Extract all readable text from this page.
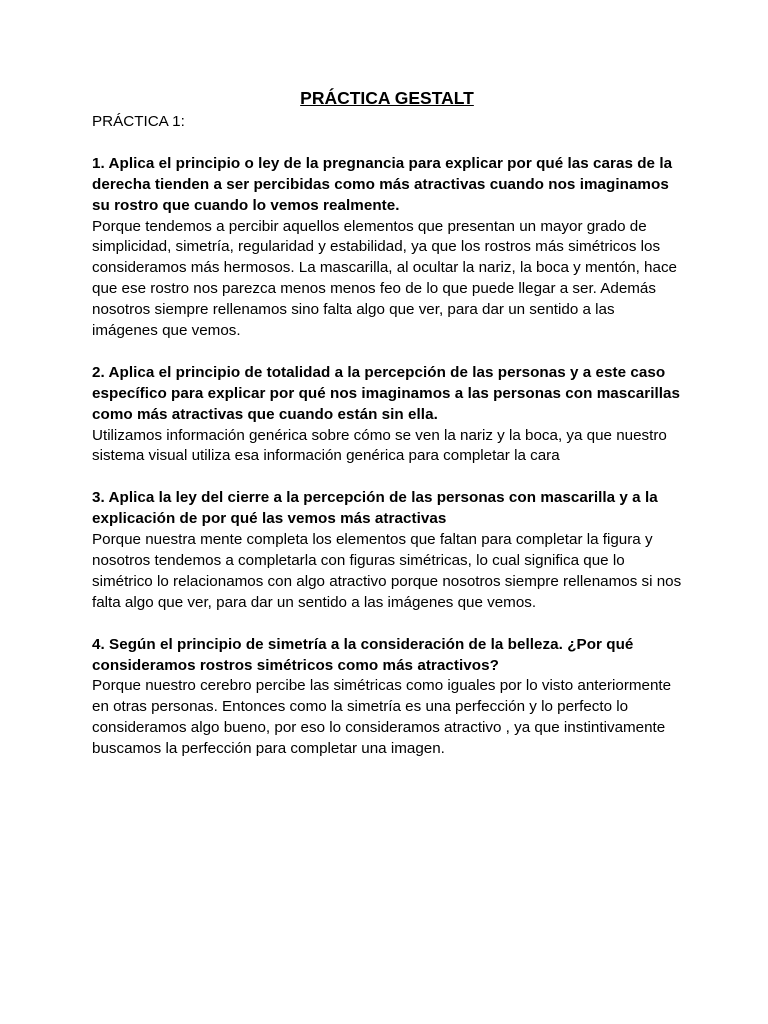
PRÁCTICA GESTALT
PRÁCTICA 1:
1. Aplica el principio o ley de la pregnancia para explicar por qué las caras de la derecha tienden a ser percibidas como más atractivas cuando nos imaginamos su rostro que cuando lo vemos realmente.
Porque tendemos a percibir aquellos elementos que presentan un mayor grado de simplicidad, simetría, regularidad y estabilidad, ya que los rostros más simétricos los consideramos más hermosos. La mascarilla, al ocultar la nariz, la boca y mentón, hace que ese rostro nos parezca menos menos feo de lo que puede llegar a ser. Además nosotros siempre rellenamos sino falta algo que ver, para dar un sentido a las imágenes que vemos.
2. Aplica el principio de totalidad a la percepción de las personas y a este caso específico para explicar por qué nos imaginamos a las personas con mascarillas como más atractivas que cuando están sin ella.
Utilizamos información genérica sobre cómo se ven la nariz y la boca, ya que nuestro sistema visual utiliza esa información genérica para completar la cara
3. Aplica la ley del cierre a la percepción de las personas con mascarilla y a la explicación de por qué las vemos más atractivas
Porque nuestra mente completa los elementos que faltan para completar la figura y nosotros tendemos a completarla con figuras simétricas, lo cual significa que lo simétrico lo relacionamos con algo atractivo porque nosotros siempre rellenamos si nos falta algo que ver, para dar un sentido a las imágenes que vemos.
4. Según el principio de simetría a la consideración de la belleza. ¿Por qué consideramos rostros simétricos como más atractivos?
Porque nuestro cerebro percibe las simétricas como iguales por lo visto anteriormente en otras personas. Entonces como la simetría es una perfección y lo perfecto lo consideramos algo bueno, por eso lo consideramos atractivo , ya que instintivamente buscamos la perfección para completar una imagen.
